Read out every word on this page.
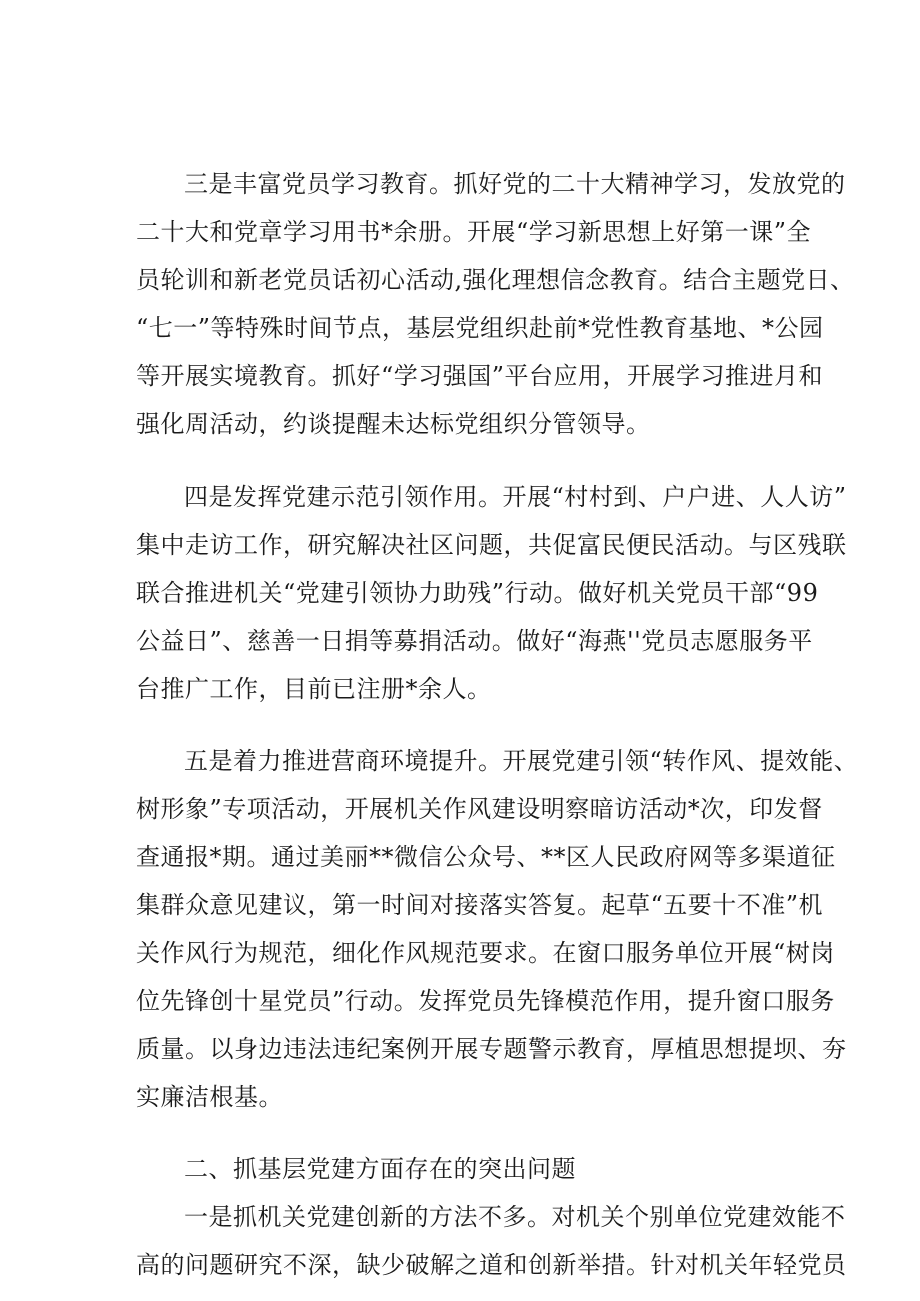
三是丰富党员学习教育。抓好党的二十大精神学习，发放党的
二十大和党章学习用书*余册。开展“学习新思想上好第一课”全
员轮训和新老党员话初心活动,强化理想信念教育。结合主题党日、
“七一”等特殊时间节点，基层党组织赴前*党性教育基地、*公园
等开展实境教育。抓好“学习强国”平台应用，开展学习推进月和
强化周活动，约谈提醒未达标党组织分管领导。
四是发挥党建示范引领作用。开展“村村到、户户进、人人访”
集中走访工作，研究解决社区问题，共促富民便民活动。与区残联
联合推进机关“党建引领协力助残”行动。做好机关党员干部“99
公益日”、慈善一日捐等募捐活动。做好“海燕''党员志愿服务平
台推广工作，目前已注册*余人。
五是着力推进营商环境提升。开展党建引领“转作风、提效能、
树形象”专项活动，开展机关作风建设明察暗访活动*次，印发督
查通报*期。通过美丽**微信公众号、**区人民政府网等多渠道征
集群众意见建议，第一时间对接落实答复。起草“五要十不准”机
关作风行为规范，细化作风规范要求。在窗口服务单位开展“树岗
位先锋创十星党员”行动。发挥党员先锋模范作用，提升窗口服务
质量。以身边违法违纪案例开展专题警示教育，厚植思想提坝、夯
实廉洁根基。
二、抓基层党建方面存在的突出问题
一是抓机关党建创新的方法不多。对机关个别单位党建效能不
高的问题研究不深，缺少破解之道和创新举措。针对机关年轻党员
